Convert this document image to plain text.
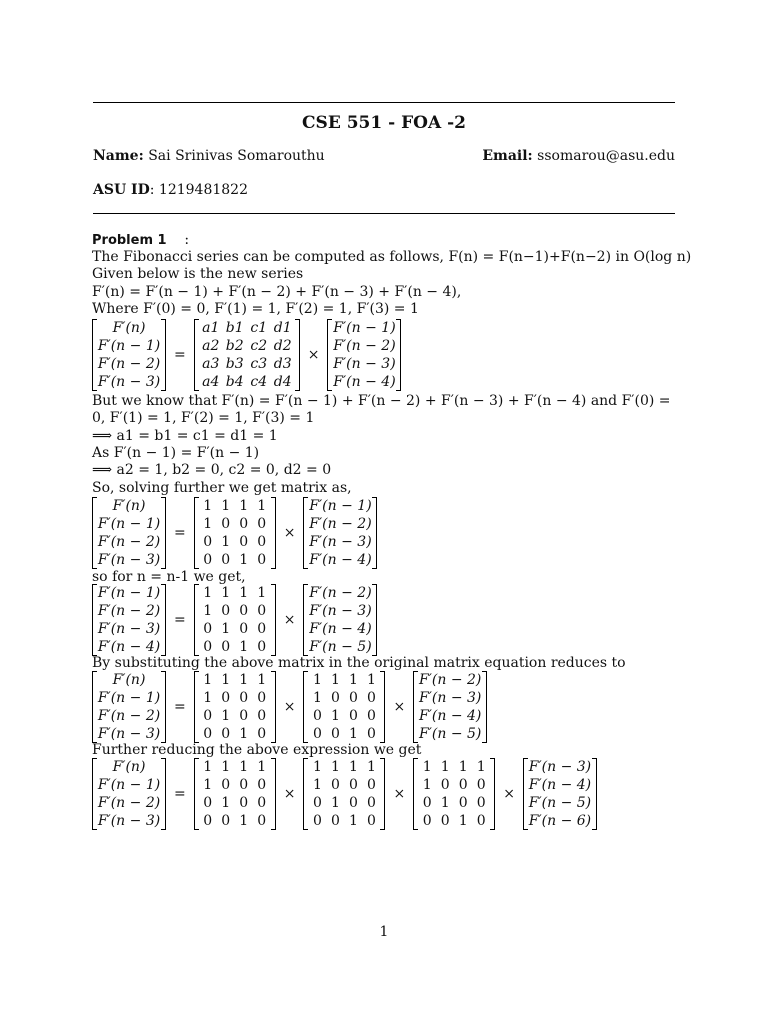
CSE 551 - FOA -2
Name: Sai Srinivas Somarouthu	Email: ssomarou@asu.edu
ASU ID: 1219481822
Problem 1 :
The Fibonacci series can be computed as follows, F(n) = F(n−1)+F(n−2) in O(log n)
Given below is the new series
F′(n) = F′(n − 1) + F′(n − 2) + F′(n − 3) + F′(n − 4),
Where F′(0) = 0, F′(1) = 1, F′(2) = 1, F′(3) = 1
F′(n)
F′(n − 1)
F′(n − 2)
F′(n − 3)
=
a1 b1 c1 d1
a2 b2 c2 d2
a3 b3 c3 d3
a4 b4 c4 d4
×
F′(n − 1)
F′(n − 2)
F′(n − 3)
F′(n − 4)
But we know that F′(n) = F′(n − 1) + F′(n − 2) + F′(n − 3) + F′(n − 4) and F′(0) =
0, F′(1) = 1, F′(2) = 1, F′(3) = 1
⟹ a1 = b1 = c1 = d1 = 1
As F′(n − 1) = F′(n − 1)
⟹ a2 = 1, b2 = 0, c2 = 0, d2 = 0
So, solving further we get matrix as,
F′(n)
F′(n − 1)
F′(n − 2)
F′(n − 3)
=
1 1 1 1
1 0 0 0
0 1 0 0
0 0 1 0
×
F′(n − 1)
F′(n − 2)
F′(n − 3)
F′(n − 4)
so for n = n-1 we get,
F′(n − 1)
F′(n − 2)
F′(n − 3)
F′(n − 4)
=
1 1 1 1
1 0 0 0
0 1 0 0
0 0 1 0
×
F′(n − 2)
F′(n − 3)
F′(n − 4)
F′(n − 5)
By substituting the above matrix in the original matrix equation reduces to
F′(n)
F′(n − 1)
F′(n − 2)
F′(n − 3)
=
1 1 1 1
1 0 0 0
0 1 0 0
0 0 1 0
×
1 1 1 1
1 0 0 0
0 1 0 0
0 0 1 0
×
F′(n − 2)
F′(n − 3)
F′(n − 4)
F′(n − 5)
Further reducing the above expression we get
F′(n)
F′(n − 1)
F′(n − 2)
F′(n − 3)
=
1 1 1 1
1 0 0 0
0 1 0 0
0 0 1 0
×
1 1 1 1
1 0 0 0
0 1 0 0
0 0 1 0
×
1 1 1 1
1 0 0 0
0 1 0 0
0 0 1 0
×
F′(n − 3)
F′(n − 4)
F′(n − 5)
F′(n − 6)
1
